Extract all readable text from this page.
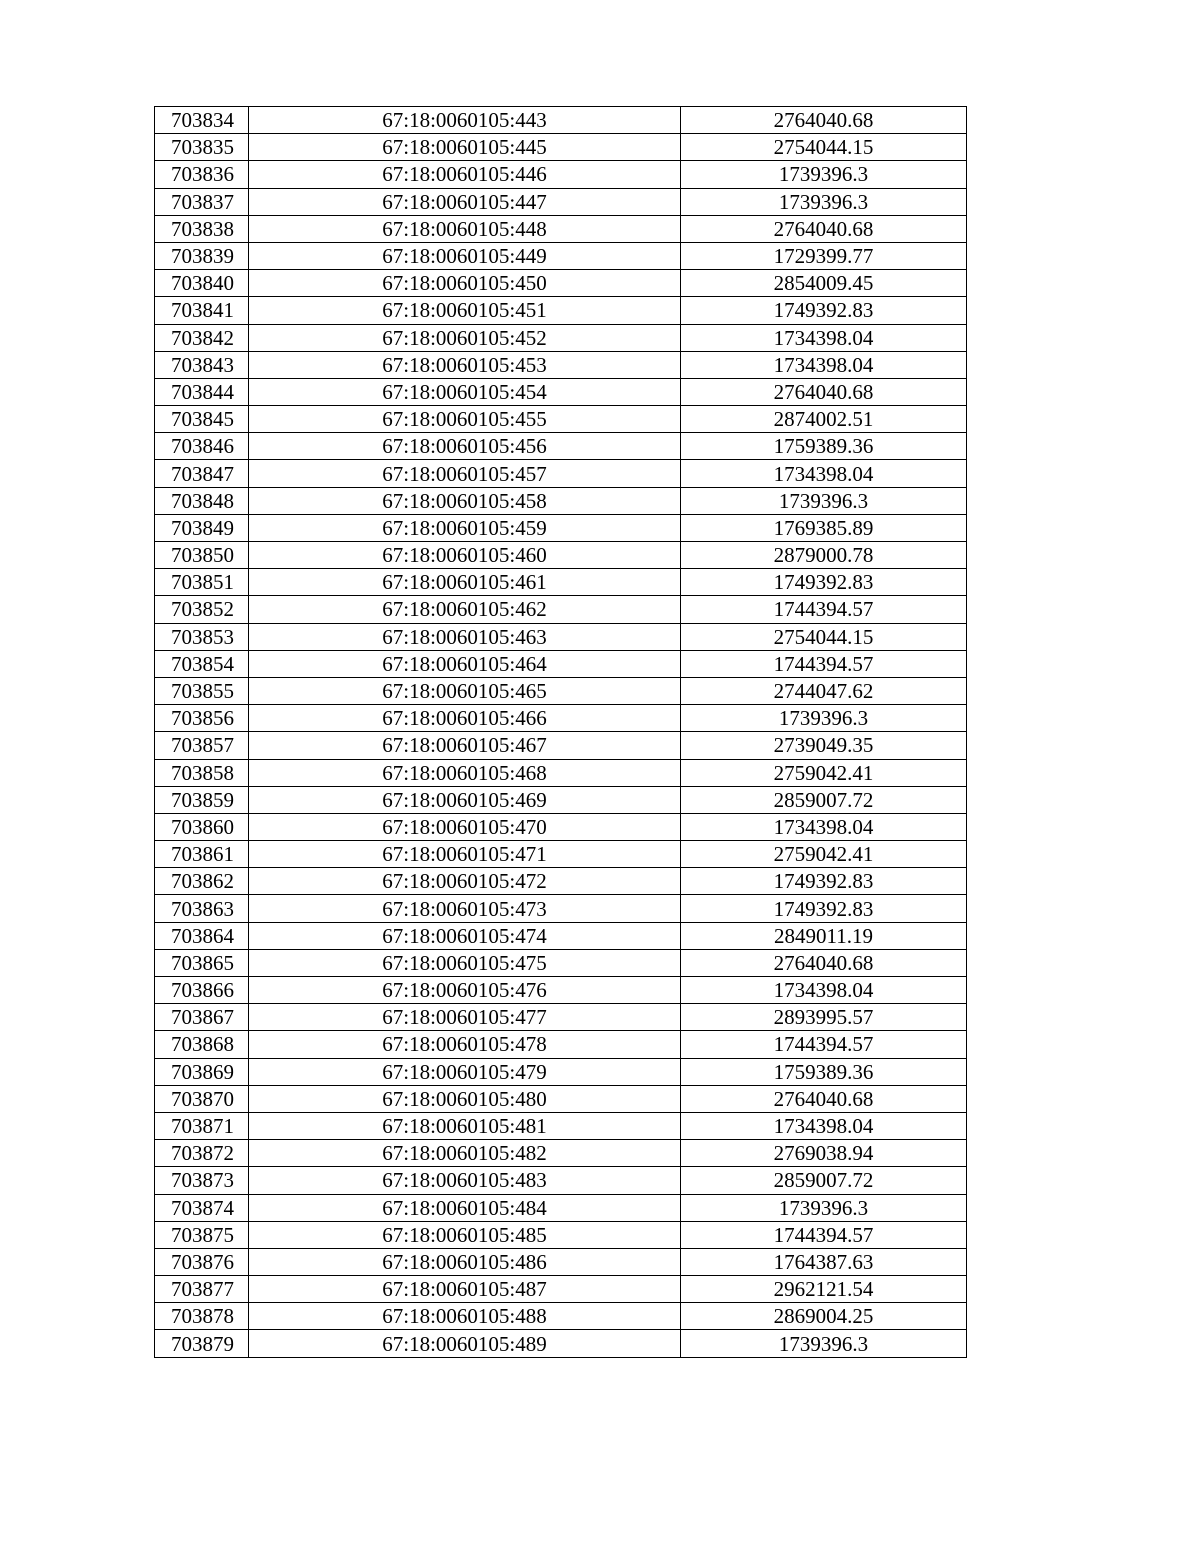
703834	67:18:0060105:443	2764040.68
703835	67:18:0060105:445	2754044.15
703836	67:18:0060105:446	1739396.3
703837	67:18:0060105:447	1739396.3
703838	67:18:0060105:448	2764040.68
703839	67:18:0060105:449	1729399.77
703840	67:18:0060105:450	2854009.45
703841	67:18:0060105:451	1749392.83
703842	67:18:0060105:452	1734398.04
703843	67:18:0060105:453	1734398.04
703844	67:18:0060105:454	2764040.68
703845	67:18:0060105:455	2874002.51
703846	67:18:0060105:456	1759389.36
703847	67:18:0060105:457	1734398.04
703848	67:18:0060105:458	1739396.3
703849	67:18:0060105:459	1769385.89
703850	67:18:0060105:460	2879000.78
703851	67:18:0060105:461	1749392.83
703852	67:18:0060105:462	1744394.57
703853	67:18:0060105:463	2754044.15
703854	67:18:0060105:464	1744394.57
703855	67:18:0060105:465	2744047.62
703856	67:18:0060105:466	1739396.3
703857	67:18:0060105:467	2739049.35
703858	67:18:0060105:468	2759042.41
703859	67:18:0060105:469	2859007.72
703860	67:18:0060105:470	1734398.04
703861	67:18:0060105:471	2759042.41
703862	67:18:0060105:472	1749392.83
703863	67:18:0060105:473	1749392.83
703864	67:18:0060105:474	2849011.19
703865	67:18:0060105:475	2764040.68
703866	67:18:0060105:476	1734398.04
703867	67:18:0060105:477	2893995.57
703868	67:18:0060105:478	1744394.57
703869	67:18:0060105:479	1759389.36
703870	67:18:0060105:480	2764040.68
703871	67:18:0060105:481	1734398.04
703872	67:18:0060105:482	2769038.94
703873	67:18:0060105:483	2859007.72
703874	67:18:0060105:484	1739396.3
703875	67:18:0060105:485	1744394.57
703876	67:18:0060105:486	1764387.63
703877	67:18:0060105:487	2962121.54
703878	67:18:0060105:488	2869004.25
703879	67:18:0060105:489	1739396.3
